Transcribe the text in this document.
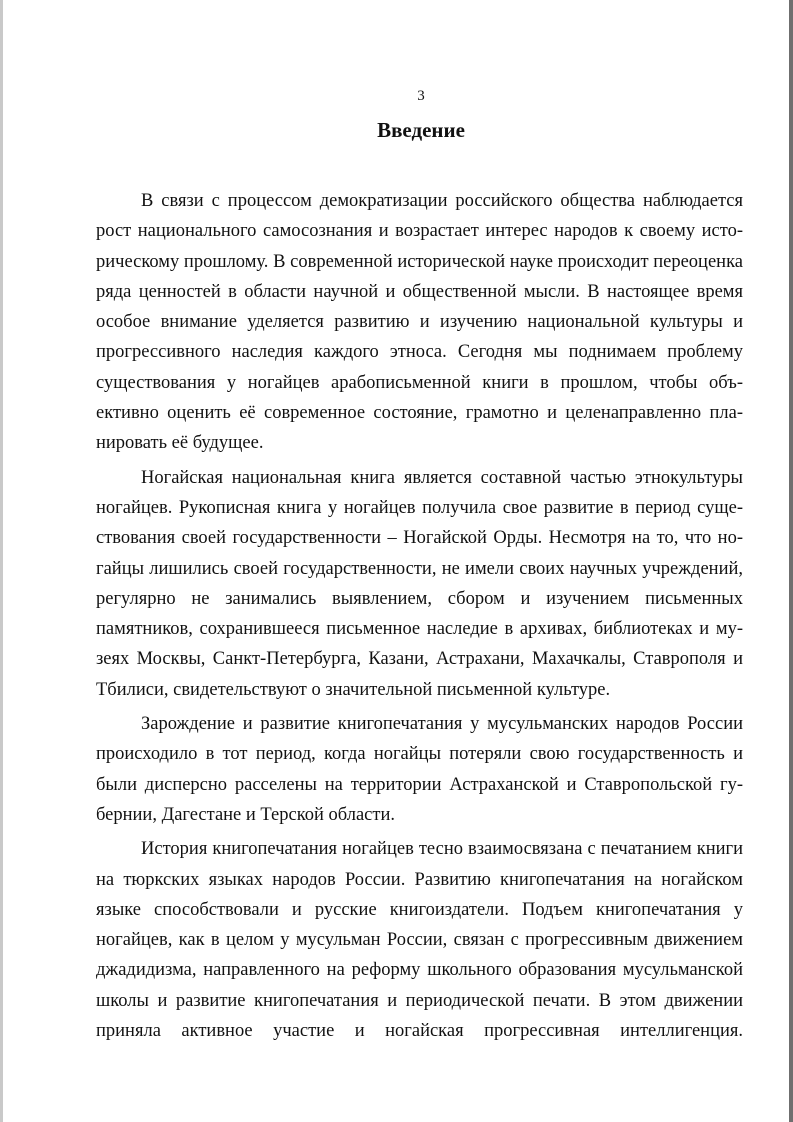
3
Введение

В связи с процессом демократизации российского общества наблюдается рост национального самосознания и возрастает интерес народов к своему историческому прошлому. В современной исторической науке происходит переоценка ряда ценностей в области научной и общественной мысли. В настоящее время особое внимание уделяется развитию и изучению национальной культуры и прогрессивного наследия каждого этноса. Сегодня мы поднимаем проблему существования у ногайцев арабописьменной книги в прошлом, чтобы объективно оценить её современное состояние, грамотно и целенаправленно планировать её будущее.

Ногайская национальная книга является составной частью этнокультуры ногайцев. Рукописная книга у ногайцев получила свое развитие в период существования своей государственности – Ногайской Орды. Несмотря на то, что ногайцы лишились своей государственности, не имели своих научных учреждений, регулярно не занимались выявлением, сбором и изучением письменных памятников, сохранившееся письменное наследие в архивах, библиотеках и музеях Москвы, Санкт-Петербурга, Казани, Астрахани, Махачкалы, Ставрополя и Тбилиси, свидетельствуют о значительной письменной культуре.

Зарождение и развитие книгопечатания у мусульманских народов России происходило в тот период, когда ногайцы потеряли свою государственность и были дисперсно расселены на территории Астраханской и Ставропольской губернии, Дагестане и Терской области.

История книгопечатания ногайцев тесно взаимосвязана с печатанием книги на тюркских языках народов России. Развитию книгопечатания на ногайском языке способствовали и русские книгоиздатели. Подъем книгопечатания у ногайцев, как в целом у мусульман России, связан с прогрессивным движением джадидизма, направленного на реформу школьного образования мусульманской школы и развитие книгопечатания и периодической печати. В этом движении приняла активное участие и ногайская прогрессивная интеллигенция.
